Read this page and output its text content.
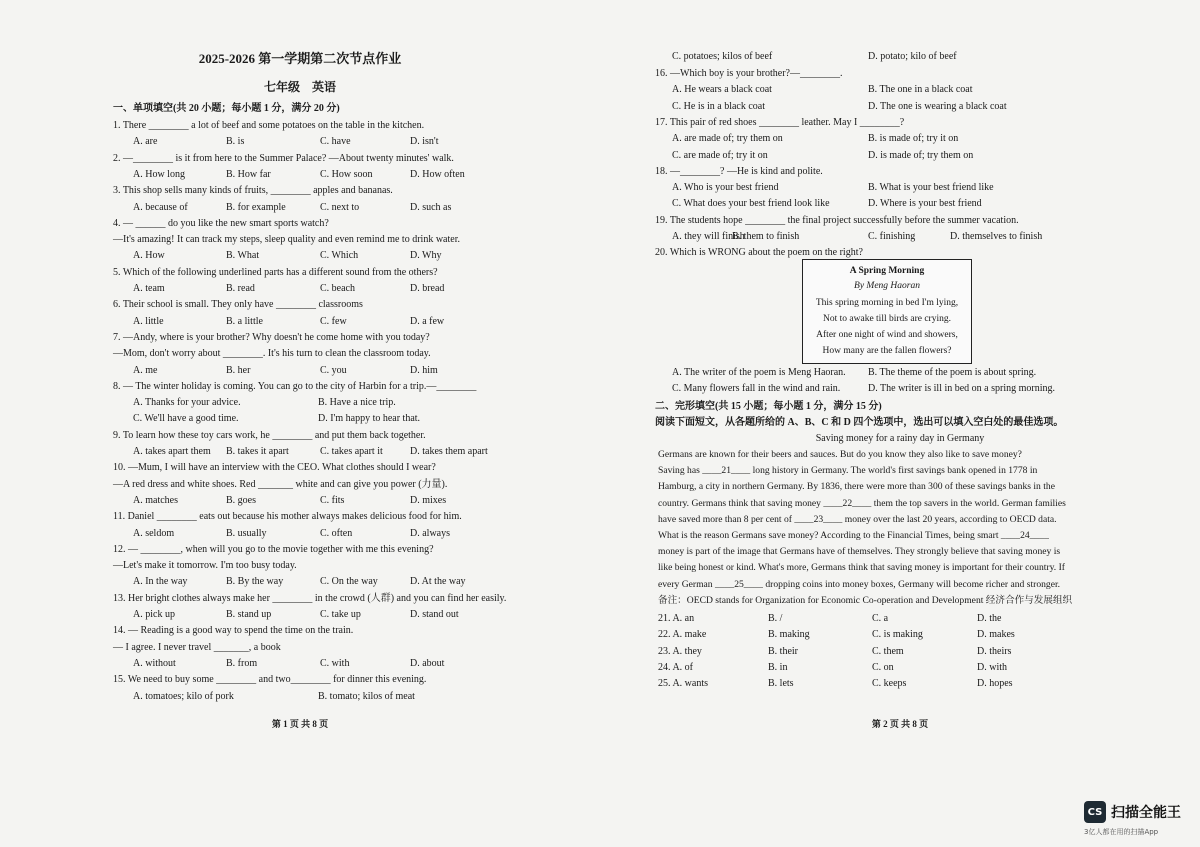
2025-2026 第一学期第二次节点作业
七年级　英语
一、单项填空(共 20 小题；每小题 1 分，满分 20 分)
1. There ________ a lot of beef and some potatoes on the table in the kitchen.
A. are	B. is	C. have	D. isn't
2. —________ is it from here to the Summer Palace? —About twenty minutes' walk.
A. How long	B. How far	C. How soon	D. How often
3. This shop sells many kinds of fruits, ________ apples and bananas.
A. because of	B. for example	C. next to	D. such as
4. — ______ do you like the new smart sports watch?
—It's amazing! It can track my steps, sleep quality and even remind me to drink water.
A. How	B. What	C. Which	D. Why
5. Which of the following underlined parts has a different sound from the others?
A. team	B. read	C. beach	D. bread
6. Their school is small. They only have ________ classrooms
A. little	B. a little	C. few	D. a few
7. —Andy, where is your brother? Why doesn't he come home with you today?
—Mom, don't worry about ________. It's his turn to clean the classroom today.
A. me	B. her	C. you	D. him
8. — The winter holiday is coming. You can go to the city of Harbin for a trip.—________
A. Thanks for your advice.	B. Have a nice trip.
C. We'll have a good time.	D. I'm happy to hear that.
9. To learn how these toy cars work, he ________ and put them back together.
A. takes apart them B. takes it apart	C. takes apart it	D. takes them apart
10. —Mum, I will have an interview with the CEO. What clothes should I wear?
—A red dress and white shoes. Red _______ white and can give you power (力量).
A. matches	B. goes	C. fits	D. mixes
11. Daniel ________ eats out because his mother always makes delicious food for him.
A. seldom	B. usually	C. often	D. always
12. — ________, when will you go to the movie together with me this evening?
—Let's make it tomorrow. I'm too busy today.
A. In the way	B. By the way	C. On the way	D. At the way
13. Her bright clothes always make her ________ in the crowd (人群) and you can find her easily.
A. pick up	B. stand up	C. take up	D. stand out
14. — Reading is a good way to spend the time on the train.
— I agree. I never travel _______, a book
A. without	B. from	C. with	D. about
15. We need to buy some ________ and two________ for dinner this evening.
A. tomatoes; kilo of pork	B. tomato; kilos of meat
第 1 页 共 8 页
C. potatoes; kilos of beef	D. potato; kilo of beef
16. —Which boy is your brother?—________.
A. He wears a black coat	B. The one in a black coat
C. He is in a black coat	D. The one is wearing a black coat
17. This pair of red shoes ________ leather. May I ________?
A. are made of; try them on	B. is made of; try it on
C. are made of; try it on	D. is made of; try them on
18. —________? —He is kind and polite.
A. Who is your best friend	B. What is your best friend like
C. What does your best friend look like	D. Where is your best friend
19. The students hope ________ the final project successfully before the summer vacation.
A. they will finish
B. them to finish	C. finishing	D. themselves to finish
20. Which is WRONG about the poem on the right?
A. The writer of the poem is Meng Haoran. B. The theme of the poem is about spring.
C. Many flowers fall in the wind and rain.	D. The writer is ill in bed on a spring morning.
A Spring Morning
By Meng Haoran
This spring morning in bed I'm lying,
Not to awake till birds are crying.
After one night of wind and showers,
How many are the fallen flowers?
二、完形填空(共 15 小题；每小题 1 分，满分 15 分)
阅读下面短文，从各题所给的 A、B、C 和 D 四个选项中，选出可以填入空白处的最佳选项。
Saving money for a rainy day in Germany
Germans are known for their beers and sauces. But do you know they also like to save money?
Saving has ____21____ long history in Germany. The world's first savings bank opened in 1778 in
Hamburg, a city in northern Germany. By 1836, there were more than 300 of these savings banks in the
country. Germans think that saving money ____22____ them the top savers in the world. German families
have saved more than 8 per cent of ____23____ money over the last 20 years, according to OECD data.
What is the reason Germans save money? According to the Financial Times, being smart ____24____
money is part of the image that Germans have of themselves. They strongly believe that saving money is
like being honest or kind. What's more, Germans think that saving money is important for their country. If
every German ____25____ dropping coins into money boxes, Germany will become richer and stronger.
备注：OECD stands for Organization for Economic Co-operation and Development 经济合作与发展组织
21. A. an	B. /	C. a	D. the
22. A. make	B. making	C. is making	D. makes
23. A. they	B. their	C. them	D. theirs
24. A. of	B. in	C. on	D. with
25. A. wants	B. lets	C. keeps	D. hopes
第 2 页 共 8 页
CS 扫描全能王
3亿人都在用的扫描App
